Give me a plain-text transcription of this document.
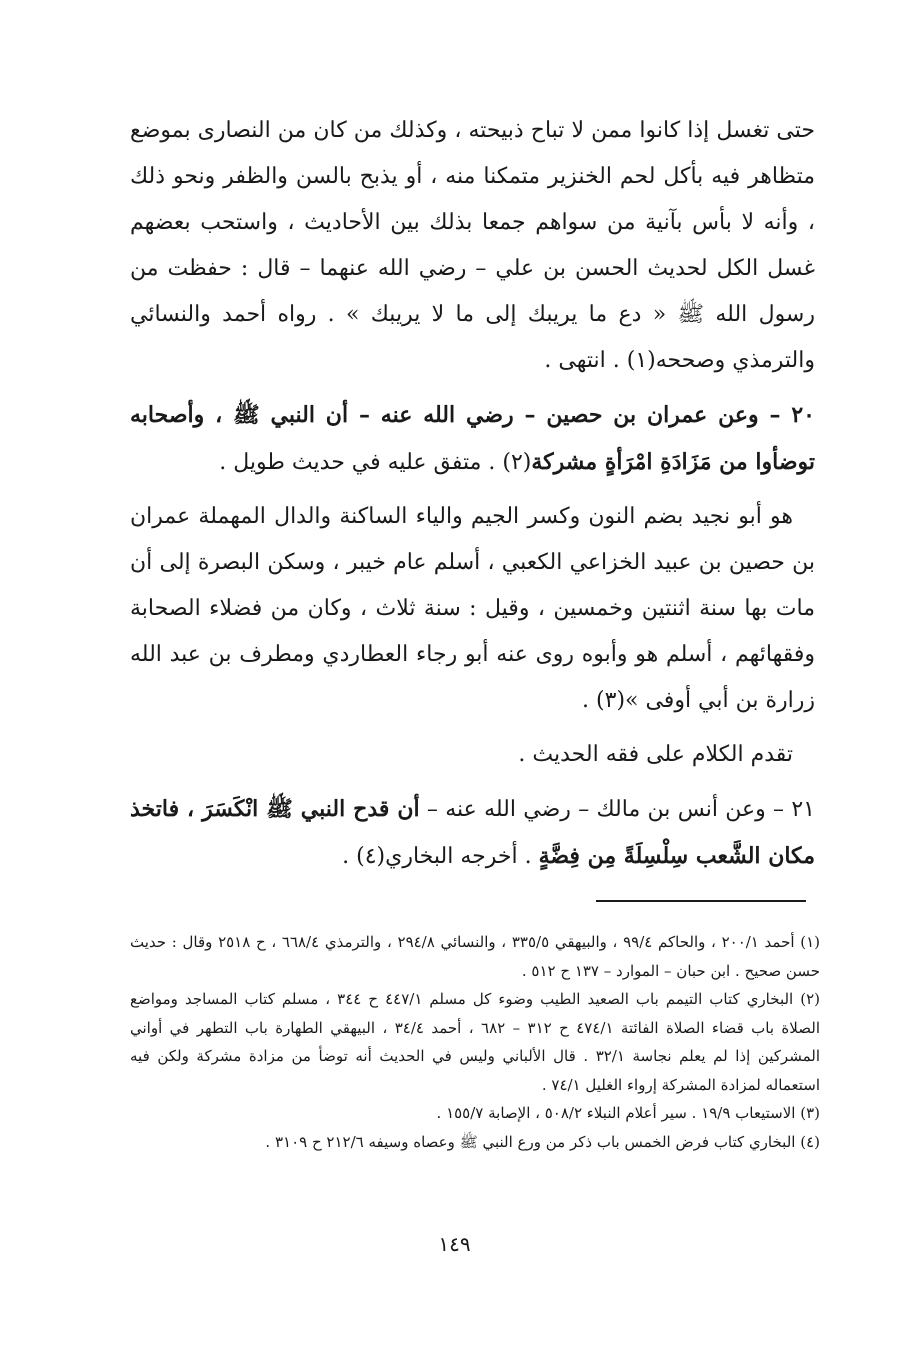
حتى تغسل إذا كانوا ممن لا تباح ذبيحته ، وكذلك من كان من النصارى بموضع متظاهر فيه بأكل لحم الخنزير متمكنا منه ، أو يذبح بالسن والظفر ونحو ذلك ، وأنه لا بأس بآنية من سواهم جمعا بذلك بين الأحاديث ، واستحب بعضهم غسل الكل لحديث الحسن بن علي – رضي الله عنهما – قال : حفظت من رسول الله ﷺ « دع ما يريبك إلى ما لا يريبك » . رواه أحمد والنسائي والترمذي وصححه(١) . انتهى .

٢٠ – وعن عمران بن حصين – رضي الله عنه – أن النبي ﷺ ، وأصحابه توضأوا من مَزَادَةِ امْرَأةٍ مشركة(٢) . متفق عليه في حديث طويل .

هو أبو نجيد بضم النون وكسر الجيم والياء الساكنة والدال المهملة عمران بن حصين بن عبيد الخزاعي الكعبي ، أسلم عام خيبر ، وسكن البصرة إلى أن مات بها سنة اثنتين وخمسين ، وقيل : سنة ثلاث ، وكان من فضلاء الصحابة وفقهائهم ، أسلم هو وأبوه روى عنه أبو رجاء العطاردي ومطرف بن عبد الله زرارة بن أبي أوفى »(٣) .

تقدم الكلام على فقه الحديث .

٢١ – وعن أنس بن مالك – رضي الله عنه – أن قدح النبي ﷺ انْكَسَرَ ، فاتخذ مكان الشَّعب سِلْسِلَةً مِن فِضَّةٍ . أخرجه البخاري(٤) .

(١) أحمد ٢٠٠/١ ، والحاكم ٩٩/٤ ، والبيهقي ٣٣٥/٥ ، والنسائي ٢٩٤/٨ ، والترمذي ٦٦٨/٤ ، ح ٢٥١٨ وقال : حديث حسن صحيح . ابن حبان – الموارد – ١٣٧ ح ٥١٢ .

(٢) البخاري كتاب التيمم باب الصعيد الطيب وضوء كل مسلم ٤٤٧/١ ح ٣٤٤ ، مسلم كتاب المساجد ومواضع الصلاة باب قضاء الصلاة الفائتة ٤٧٤/١ ح ٣١٢ – ٦٨٢ ، أحمد ٣٤/٤ ، البيهقي الطهارة باب التطهر في أواني المشركين إذا لم يعلم نجاسة ٣٢/١ . قال الألباني وليس في الحديث أنه توضأ من مزادة مشركة ولكن فيه استعماله لمزادة المشركة إرواء الغليل ٧٤/١ .

(٣) الاستيعاب ١٩/٩ . سير أعلام النبلاء ٥٠٨/٢ ، الإصابة ١٥٥/٧ .

(٤) البخاري كتاب فرض الخمس باب ذكر من ورع النبي ﷺ وعصاه وسيفه ٢١٢/٦ ح ٣١٠٩ .

١٤٩
